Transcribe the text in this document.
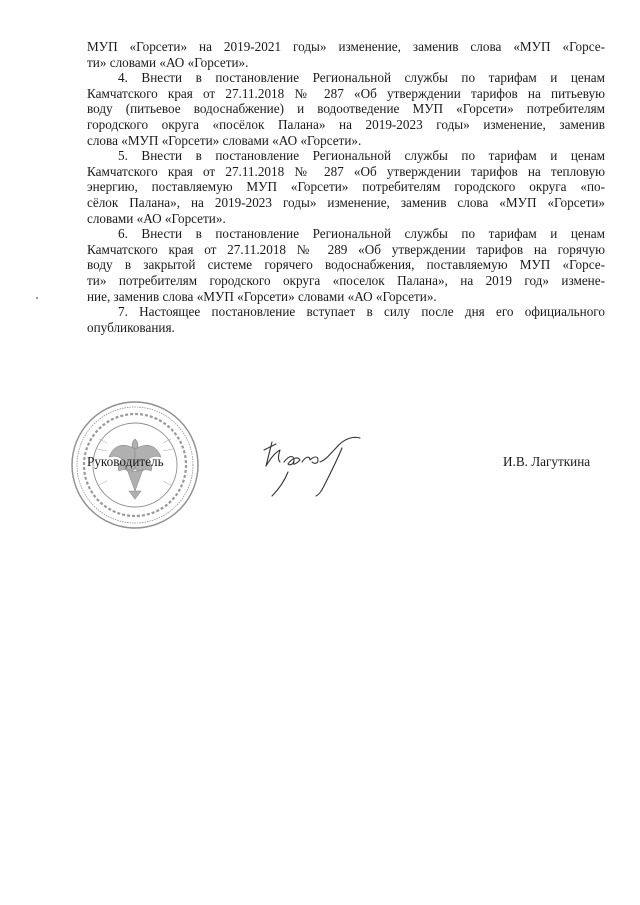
МУП «Горсети» на 2019-2021 годы» изменение, заменив слова «МУП «Горсе-
ти» словами «АО «Горсети».
4. Внести в постановление Региональной службы по тарифам и ценам
Камчатского края от 27.11.2018 № 287 «Об утверждении тарифов на питьевую
воду (питьевое водоснабжение) и водоотведение МУП «Горсети» потребителям
городского округа «посёлок Палана» на 2019-2023 годы» изменение, заменив
слова «МУП «Горсети» словами «АО «Горсети».
5. Внести в постановление Региональной службы по тарифам и ценам
Камчатского края от 27.11.2018 № 287 «Об утверждении тарифов на тепловую
энергию, поставляемую МУП «Горсети» потребителям городского округа «по-
сёлок Палана», на 2019-2023 годы» изменение, заменив слова «МУП «Горсети»
словами «АО «Горсети».
6. Внести в постановление Региональной службы по тарифам и ценам
Камчатского края от 27.11.2018 № 289 «Об утверждении тарифов на горячую
воду в закрытой системе горячего водоснабжения, поставляемую МУП «Горсе-
ти» потребителям городского округа «поселок Палана», на 2019 год» измене-
ние, заменив слова «МУП «Горсети» словами «АО «Горсети».
7. Настоящее постановление вступает в силу после дня его официального
опубликования.
Руководитель	И.В. Лагуткина
